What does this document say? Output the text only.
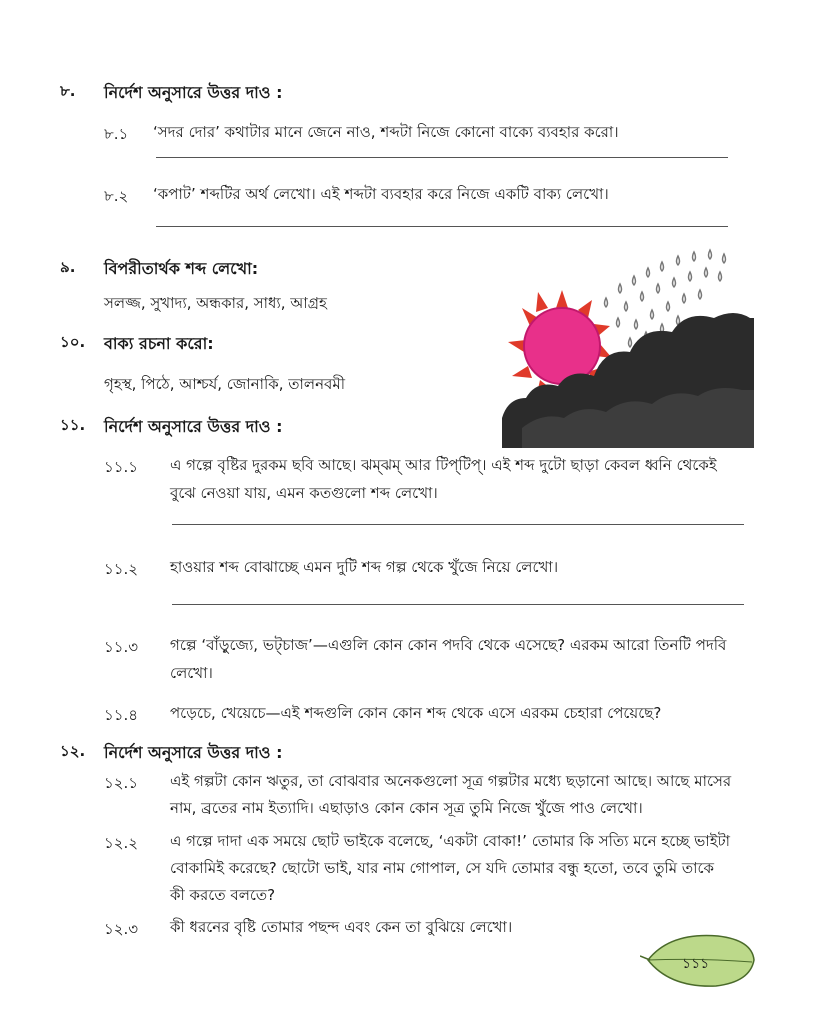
৮. নির্দেশ অনুসারে উত্তর দাও :
৮.১ ‘সদর দোর’ কথাটার মানে জেনে নাও, শব্দটা নিজে কোনো বাক্যে ব্যবহার করো।
৮.২ ‘কপাট’ শব্দটির অর্থ লেখো। এই শব্দটা ব্যবহার করে নিজে একটি বাক্য লেখো।
৯. বিপরীতার্থক শব্দ লেখো:
সলজ্জ, সুখাদ্য, অন্ধকার, সাধ্য, আগ্রহ
১০. বাক্য রচনা করো:
গৃহস্থ, পিঠে, আশ্চর্য, জোনাকি, তালনবমী
১১. নির্দেশ অনুসারে উত্তর দাও :
১১.১ এ গল্পে বৃষ্টির দুরকম ছবি আছে। ঝম্‌ঝম্‌ আর টিপ্‌টিপ্‌। এই শব্দ দুটো ছাড়া কেবল ধ্বনি থেকেই
বুঝে নেওয়া যায়, এমন কতগুলো শব্দ লেখো।
১১.২ হাওয়ার শব্দ বোঝাচ্ছে এমন দুটি শব্দ গল্প থেকে খুঁজে নিয়ে লেখো।
১১.৩ গল্পে ‘বাঁড়ুজ্যে, ভট্‌চাজ’—এগুলি কোন কোন পদবি থেকে এসেছে? এরকম আরো তিনটি পদবি
লেখো।
১১.৪ পড়েচে, খেয়েচে—এই শব্দগুলি কোন কোন শব্দ থেকে এসে এরকম চেহারা পেয়েছে?
১২. নির্দেশ অনুসারে উত্তর দাও :
১২.১ এই গল্পটা কোন ঋতুর, তা বোঝবার অনেকগুলো সূত্র গল্পটার মধ্যে ছড়ানো আছে। আছে মাসের
নাম, ব্রতের নাম ইত্যাদি। এছাড়াও কোন কোন সূত্র তুমি নিজে খুঁজে পাও লেখো।
১২.২ এ গল্পে দাদা এক সময়ে ছোট ভাইকে বলেছে, ‘একটা বোকা!’ তোমার কি সত্যি মনে হচ্ছে ভাইটা
বোকামিই করেছে? ছোটো ভাই, যার নাম গোপাল, সে যদি তোমার বন্ধু হতো, তবে তুমি তাকে
কী করতে বলতে?
১২.৩ কী ধরনের বৃষ্টি তোমার পছন্দ এবং কেন তা বুঝিয়ে লেখো।
১১১
